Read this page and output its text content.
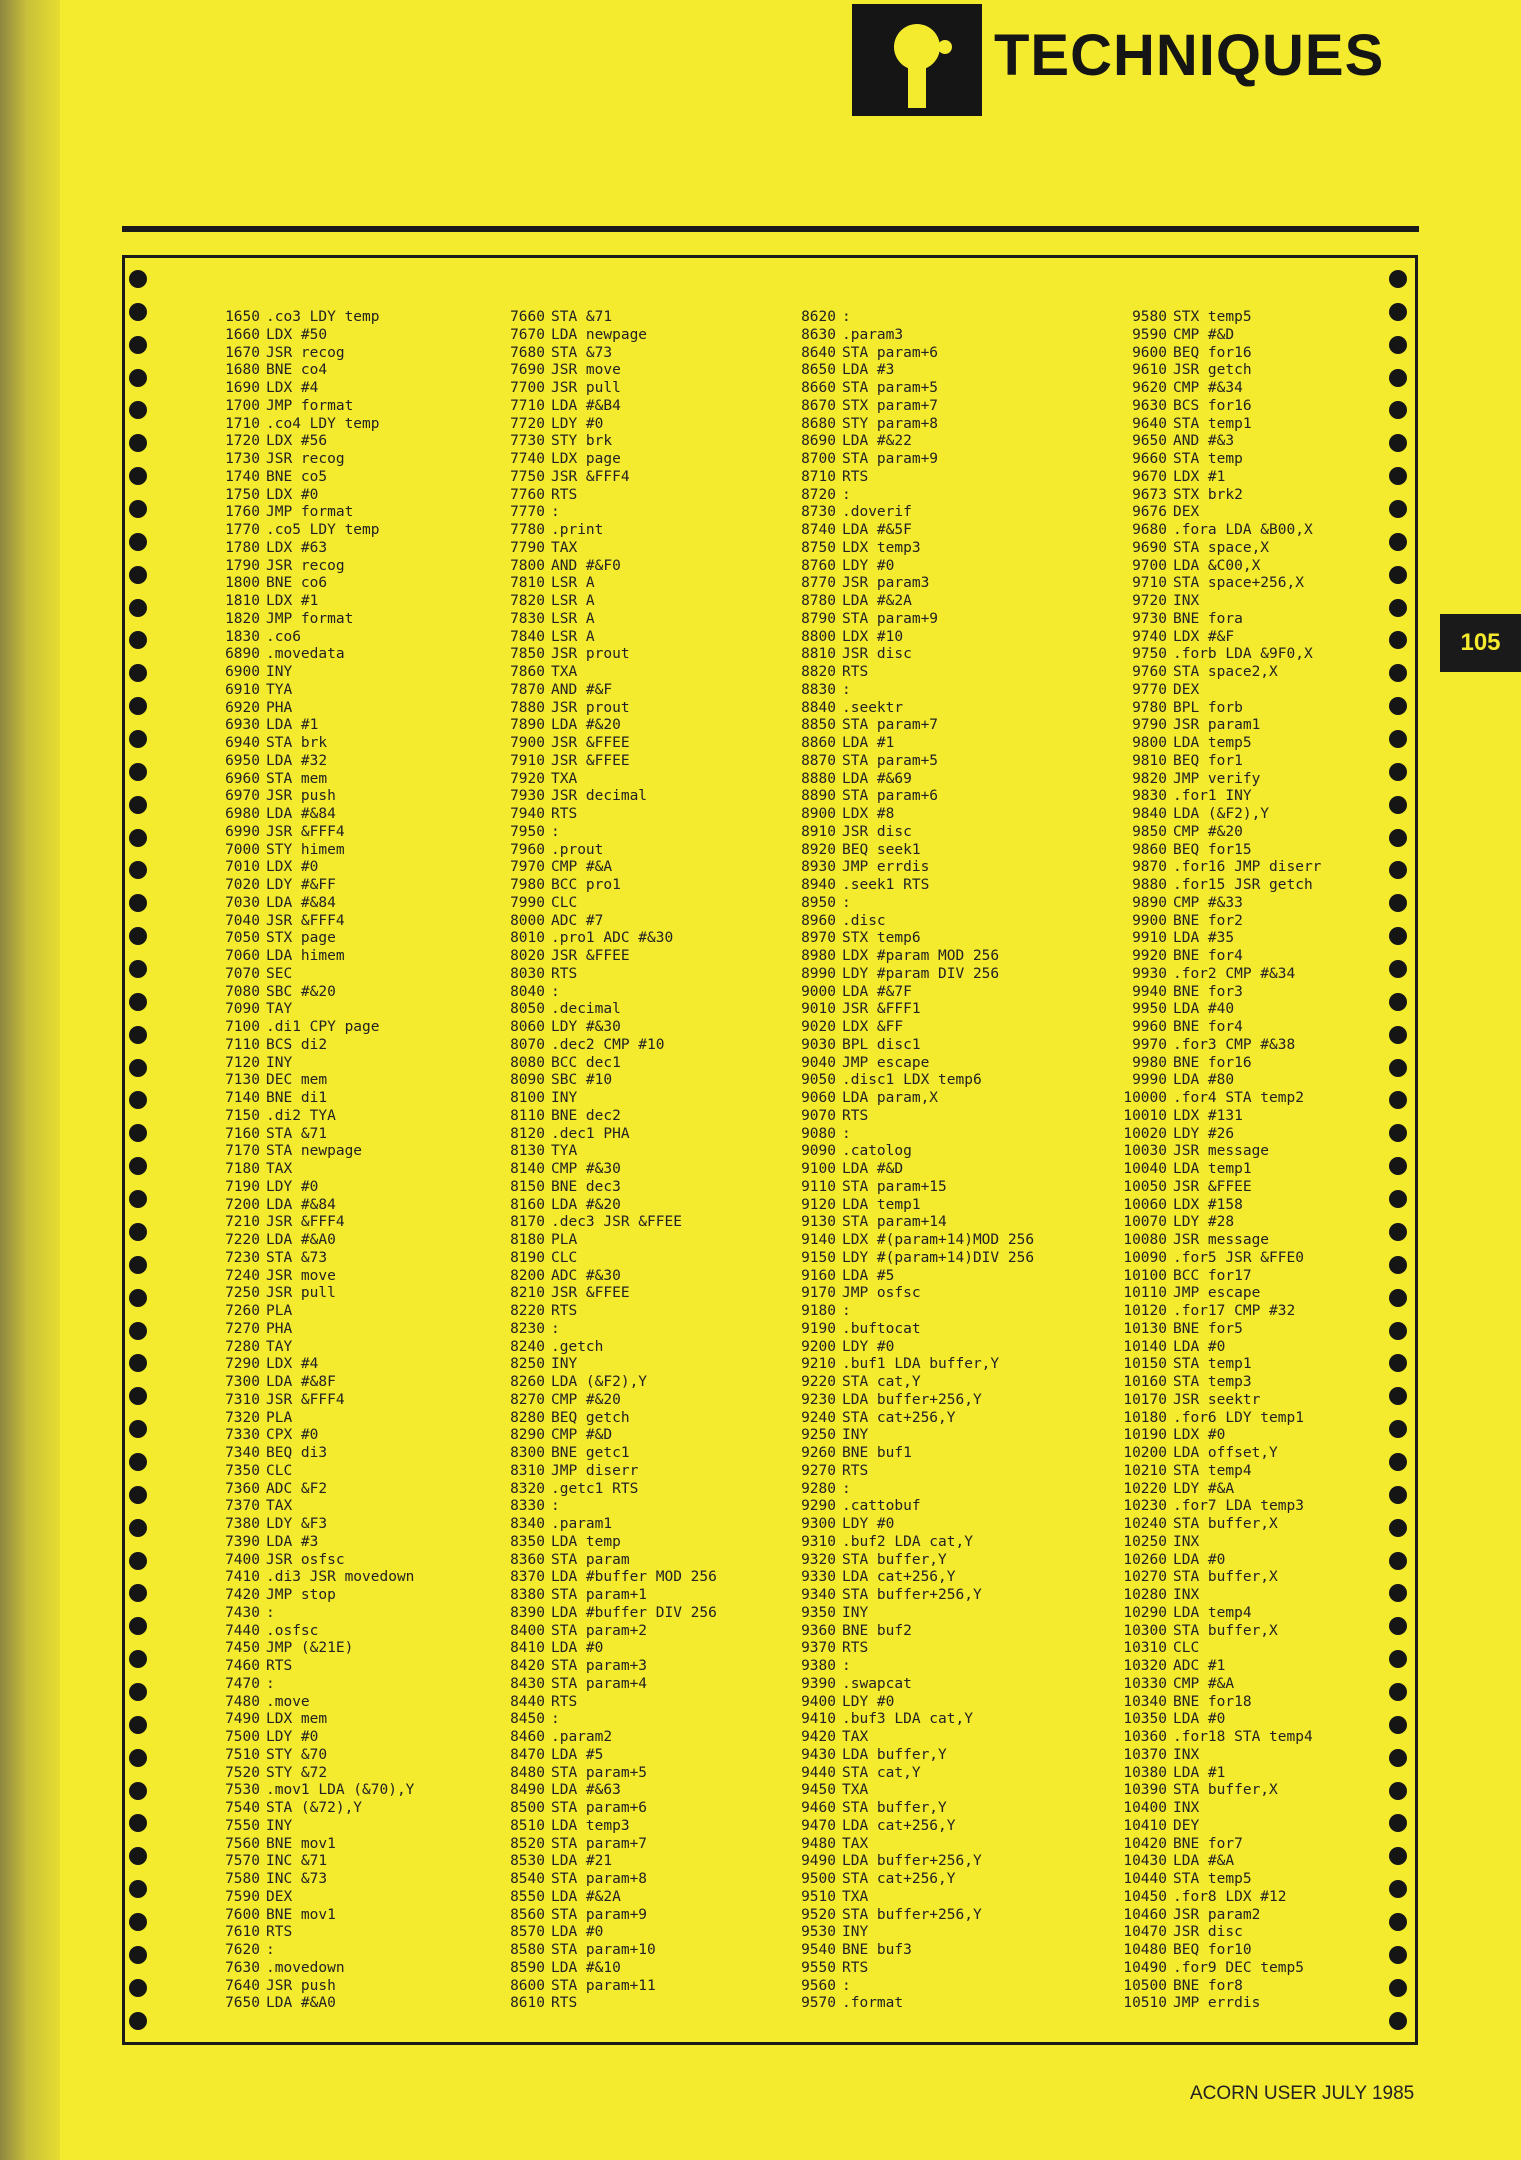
TECHNIQUES
105
1650 .co3 LDY temp
1660 LDX #50
1670 JSR recog
1680 BNE co4
1690 LDX #4
1700 JMP format
1710 .co4 LDY temp
1720 LDX #56
1730 JSR recog
1740 BNE co5
1750 LDX #0
1760 JMP format
1770 .co5 LDY temp
1780 LDX #63
1790 JSR recog
1800 BNE co6
1810 LDX #1
1820 JMP format
1830 .co6
6890 .movedata
6900 INY
6910 TYA
6920 PHA
6930 LDA #1
6940 STA brk
6950 LDA #32
6960 STA mem
6970 JSR push
6980 LDA #&84
6990 JSR &FFF4
7000 STY himem
7010 LDX #0
7020 LDY #&FF
7030 LDA #&84
7040 JSR &FFF4
7050 STX page
7060 LDA himem
7070 SEC
7080 SBC #&20
7090 TAY
7100 .di1 CPY page
7110 BCS di2
7120 INY
7130 DEC mem
7140 BNE di1
7150 .di2 TYA
7160 STA &71
7170 STA newpage
7180 TAX
7190 LDY #0
7200 LDA #&84
7210 JSR &FFF4
7220 LDA #&A0
7230 STA &73
7240 JSR move
7250 JSR pull
7260 PLA
7270 PHA
7280 TAY
7290 LDX #4
7300 LDA #&8F
7310 JSR &FFF4
7320 PLA
7330 CPX #0
7340 BEQ di3
7350 CLC
7360 ADC &F2
7370 TAX
7380 LDY &F3
7390 LDA #3
7400 JSR osfsc
7410 .di3 JSR movedown
7420 JMP stop
7430 :
7440 .osfsc
7450 JMP (&21E)
7460 RTS
7470 :
7480 .move
7490 LDX mem
7500 LDY #0
7510 STY &70
7520 STY &72
7530 .mov1 LDA (&70),Y
7540 STA (&72),Y
7550 INY
7560 BNE mov1
7570 INC &71
7580 INC &73
7590 DEX
7600 BNE mov1
7610 RTS
7620 :
7630 .movedown
7640 JSR push
7650 LDA #&A0
7660 STA &71
7670 LDA newpage
7680 STA &73
7690 JSR move
7700 JSR pull
7710 LDA #&B4
7720 LDY #0
7730 STY brk
7740 LDX page
7750 JSR &FFF4
7760 RTS
7770 :
7780 .print
7790 TAX
7800 AND #&F0
7810 LSR A
7820 LSR A
7830 LSR A
7840 LSR A
7850 JSR prout
7860 TXA
7870 AND #&F
7880 JSR prout
7890 LDA #&20
7900 JSR &FFEE
7910 JSR &FFEE
7920 TXA
7930 JSR decimal
7940 RTS
7950 :
7960 .prout
7970 CMP #&A
7980 BCC pro1
7990 CLC
8000 ADC #7
8010 .pro1 ADC #&30
8020 JSR &FFEE
8030 RTS
8040 :
8050 .decimal
8060 LDY #&30
8070 .dec2 CMP #10
8080 BCC dec1
8090 SBC #10
8100 INY
8110 BNE dec2
8120 .dec1 PHA
8130 TYA
8140 CMP #&30
8150 BNE dec3
8160 LDA #&20
8170 .dec3 JSR &FFEE
8180 PLA
8190 CLC
8200 ADC #&30
8210 JSR &FFEE
8220 RTS
8230 :
8240 .getch
8250 INY
8260 LDA (&F2),Y
8270 CMP #&20
8280 BEQ getch
8290 CMP #&D
8300 BNE getc1
8310 JMP diserr
8320 .getc1 RTS
8330 :
8340 .param1
8350 LDA temp
8360 STA param
8370 LDA #buffer MOD 256
8380 STA param+1
8390 LDA #buffer DIV 256
8400 STA param+2
8410 LDA #0
8420 STA param+3
8430 STA param+4
8440 RTS
8450 :
8460 .param2
8470 LDA #5
8480 STA param+5
8490 LDA #&63
8500 STA param+6
8510 LDA temp3
8520 STA param+7
8530 LDA #21
8540 STA param+8
8550 LDA #&2A
8560 STA param+9
8570 LDA #0
8580 STA param+10
8590 LDA #&10
8600 STA param+11
8610 RTS
8620 :
8630 .param3
8640 STA param+6
8650 LDA #3
8660 STA param+5
8670 STX param+7
8680 STY param+8
8690 LDA #&22
8700 STA param+9
8710 RTS
8720 :
8730 .doverif
8740 LDA #&5F
8750 LDX temp3
8760 LDY #0
8770 JSR param3
8780 LDA #&2A
8790 STA param+9
8800 LDX #10
8810 JSR disc
8820 RTS
8830 :
8840 .seektr
8850 STA param+7
8860 LDA #1
8870 STA param+5
8880 LDA #&69
8890 STA param+6
8900 LDX #8
8910 JSR disc
8920 BEQ seek1
8930 JMP errdis
8940 .seek1 RTS
8950 :
8960 .disc
8970 STX temp6
8980 LDX #param MOD 256
8990 LDY #param DIV 256
9000 LDA #&7F
9010 JSR &FFF1
9020 LDX &FF
9030 BPL disc1
9040 JMP escape
9050 .disc1 LDX temp6
9060 LDA param,X
9070 RTS
9080 :
9090 .catolog
9100 LDA #&D
9110 STA param+15
9120 LDA temp1
9130 STA param+14
9140 LDX #(param+14)MOD 256
9150 LDY #(param+14)DIV 256
9160 LDA #5
9170 JMP osfsc
9180 :
9190 .buftocat
9200 LDY #0
9210 .buf1 LDA buffer,Y
9220 STA cat,Y
9230 LDA buffer+256,Y
9240 STA cat+256,Y
9250 INY
9260 BNE buf1
9270 RTS
9280 :
9290 .cattobuf
9300 LDY #0
9310 .buf2 LDA cat,Y
9320 STA buffer,Y
9330 LDA cat+256,Y
9340 STA buffer+256,Y
9350 INY
9360 BNE buf2
9370 RTS
9380 :
9390 .swapcat
9400 LDY #0
9410 .buf3 LDA cat,Y
9420 TAX
9430 LDA buffer,Y
9440 STA cat,Y
9450 TXA
9460 STA buffer,Y
9470 LDA cat+256,Y
9480 TAX
9490 LDA buffer+256,Y
9500 STA cat+256,Y
9510 TXA
9520 STA buffer+256,Y
9530 INY
9540 BNE buf3
9550 RTS
9560 :
9570 .format
9580 STX temp5
9590 CMP #&D
9600 BEQ for16
9610 JSR getch
9620 CMP #&34
9630 BCS for16
9640 STA temp1
9650 AND #&3
9660 STA temp
9670 LDX #1
9673 STX brk2
9676 DEX
9680 .fora LDA &B00,X
9690 STA space,X
9700 LDA &C00,X
9710 STA space+256,X
9720 INX
9730 BNE fora
9740 LDX #&F
9750 .forb LDA &9F0,X
9760 STA space2,X
9770 DEX
9780 BPL forb
9790 JSR param1
9800 LDA temp5
9810 BEQ for1
9820 JMP verify
9830 .for1 INY
9840 LDA (&F2),Y
9850 CMP #&20
9860 BEQ for15
9870 .for16 JMP diserr
9880 .for15 JSR getch
9890 CMP #&33
9900 BNE for2
9910 LDA #35
9920 BNE for4
9930 .for2 CMP #&34
9940 BNE for3
9950 LDA #40
9960 BNE for4
9970 .for3 CMP #&38
9980 BNE for16
9990 LDA #80
10000 .for4 STA temp2
10010 LDX #131
10020 LDY #26
10030 JSR message
10040 LDA temp1
10050 JSR &FFEE
10060 LDX #158
10070 LDY #28
10080 JSR message
10090 .for5 JSR &FFE0
10100 BCC for17
10110 JMP escape
10120 .for17 CMP #32
10130 BNE for5
10140 LDA #0
10150 STA temp1
10160 STA temp3
10170 JSR seektr
10180 .for6 LDY temp1
10190 LDX #0
10200 LDA offset,Y
10210 STA temp4
10220 LDY #&A
10230 .for7 LDA temp3
10240 STA buffer,X
10250 INX
10260 LDA #0
10270 STA buffer,X
10280 INX
10290 LDA temp4
10300 STA buffer,X
10310 CLC
10320 ADC #1
10330 CMP #&A
10340 BNE for18
10350 LDA #0
10360 .for18 STA temp4
10370 INX
10380 LDA #1
10390 STA buffer,X
10400 INX
10410 DEY
10420 BNE for7
10430 LDA #&A
10440 STA temp5
10450 .for8 LDX #12
10460 JSR param2
10470 JSR disc
10480 BEQ for10
10490 .for9 DEC temp5
10500 BNE for8
10510 JMP errdis
ACORN USER JULY 1985
